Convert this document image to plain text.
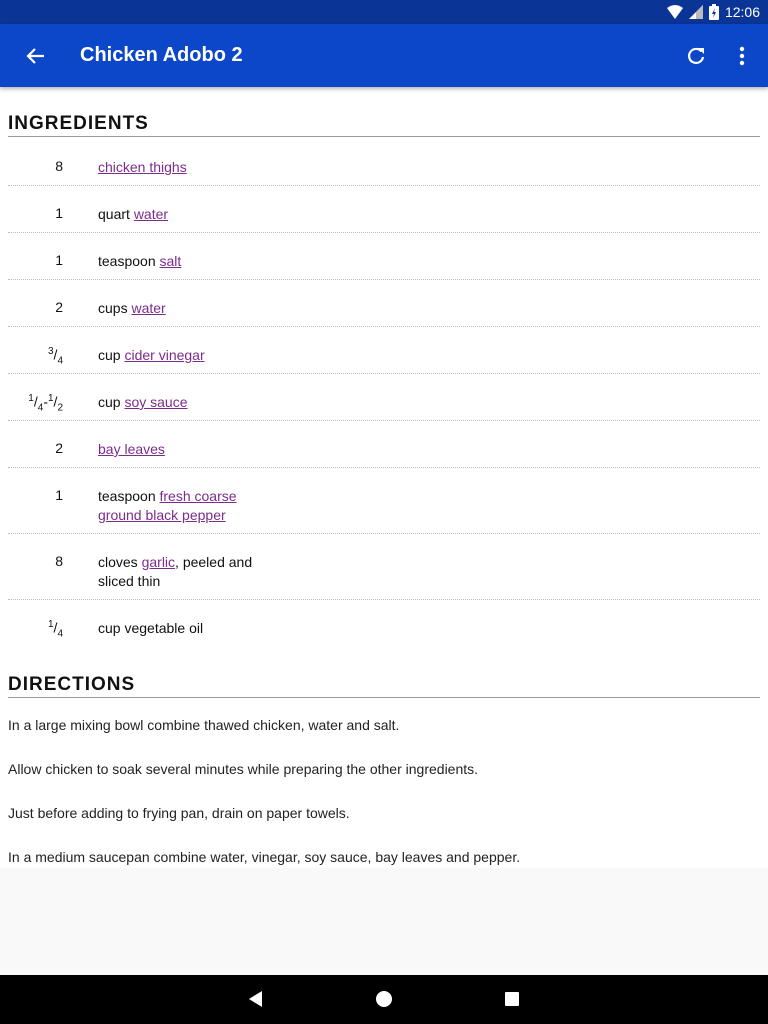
12:06
Chicken Adobo 2
INGREDIENTS
8	chicken thighs
1	quart water
1	teaspoon salt
2	cups water
$^3/_4$	cup cider vinegar
$^1/_4-^1/_2$	cup soy sauce
2	bay leaves
1	teaspoon fresh coarse ground black pepper
8	cloves garlic, peeled and sliced thin
$^1/_4$	cup vegetable oil
DIRECTIONS
In a large mixing bowl combine thawed chicken, water and salt.
Allow chicken to soak several minutes while preparing the other ingredients.
Just before adding to frying pan, drain on paper towels.
In a medium saucepan combine water, vinegar, soy sauce, bay leaves and pepper.
